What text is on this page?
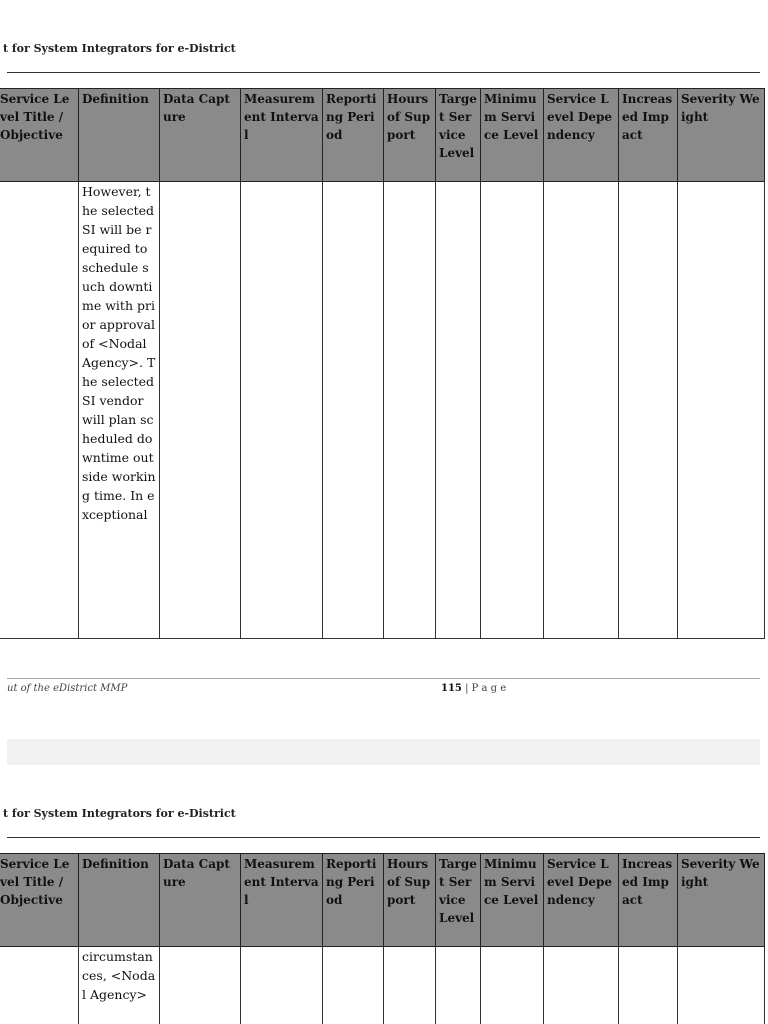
t for System Integrators for e-District
Service Level Title / Objective	Definition	Data Capture	Measurement Interval	Reporting Period	Hours of Support	Target Service Level	Minimum Service Level	Service Level Dependency	Increased Impact	Severity Weight
	However, the selected SI will be required to schedule such downtime with prior approval of <Nodal Agency>. The selected SI vendor will plan scheduled downtime outside working time. In exceptional									
ut of the eDistrict MMP	115 | P a g e
t for System Integrators for e-District
Service Level Title / Objective	Definition	Data Capture	Measurement Interval	Reporting Period	Hours of Support	Target Service Level	Minimum Service Level	Service Level Dependency	Increased Impact	Severity Weight
	circumstances, <Nodal Agency>									
